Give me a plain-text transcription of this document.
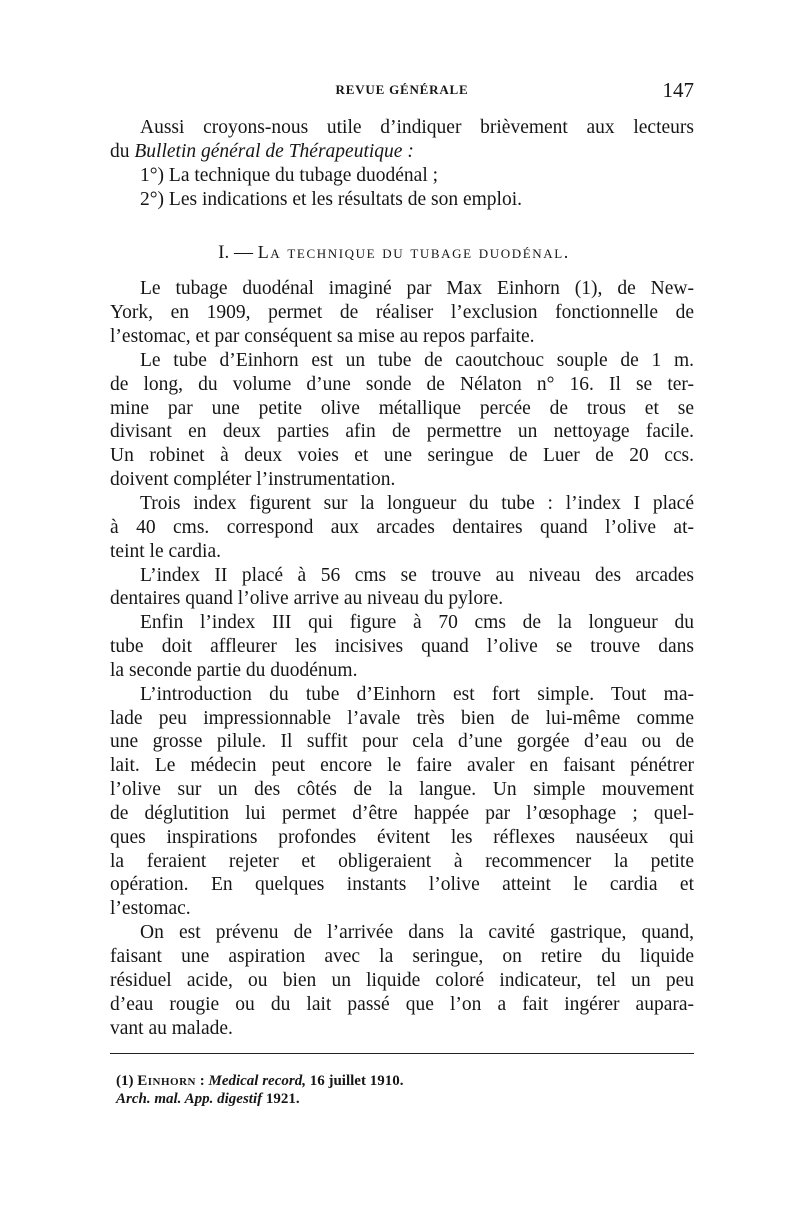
REVUE GÉNÉRALE	147
Aussi croyons-nous utile d’indiquer brièvement aux lecteurs
du Bulletin général de Thérapeutique :
1°) La technique du tubage duodénal ;
2°) Les indications et les résultats de son emploi.
I. — La technique du tubage duodénal.
Le tubage duodénal imaginé par Max Einhorn (1), de New-
York, en 1909, permet de réaliser l’exclusion fonctionnelle de
l’estomac, et par conséquent sa mise au repos parfaite.
Le tube d’Einhorn est un tube de caoutchouc souple de 1 m.
de long, du volume d’une sonde de Nélaton n° 16. Il se ter-
mine par une petite olive métallique percée de trous et se
divisant en deux parties afin de permettre un nettoyage facile.
Un robinet à deux voies et une seringue de Luer de 20 ccs.
doivent compléter l’instrumentation.
Trois index figurent sur la longueur du tube : l’index I placé
à 40 cms. correspond aux arcades dentaires quand l’olive at-
teint le cardia.
L’index II placé à 56 cms se trouve au niveau des arcades
dentaires quand l’olive arrive au niveau du pylore.
Enfin l’index III qui figure à 70 cms de la longueur du
tube doit affleurer les incisives quand l’olive se trouve dans
la seconde partie du duodénum.
L’introduction du tube d’Einhorn est fort simple. Tout ma-
lade peu impressionnable l’avale très bien de lui-même comme
une grosse pilule. Il suffit pour cela d’une gorgée d’eau ou de
lait. Le médecin peut encore le faire avaler en faisant pénétrer
l’olive sur un des côtés de la langue. Un simple mouvement
de déglutition lui permet d’être happée par l’œsophage ; quel-
ques inspirations profondes évitent les réflexes nauséeux qui
la feraient rejeter et obligeraient à recommencer la petite
opération. En quelques instants l’olive atteint le cardia et
l’estomac.
On est prévenu de l’arrivée dans la cavité gastrique, quand,
faisant une aspiration avec la seringue, on retire du liquide
résiduel acide, ou bien un liquide coloré indicateur, tel un peu
d’eau rougie ou du lait passé que l’on a fait ingérer aupara-
vant au malade.
(1) Einhorn : Medical record, 16 juillet 1910.
Arch. mal. App. digestif 1921.
